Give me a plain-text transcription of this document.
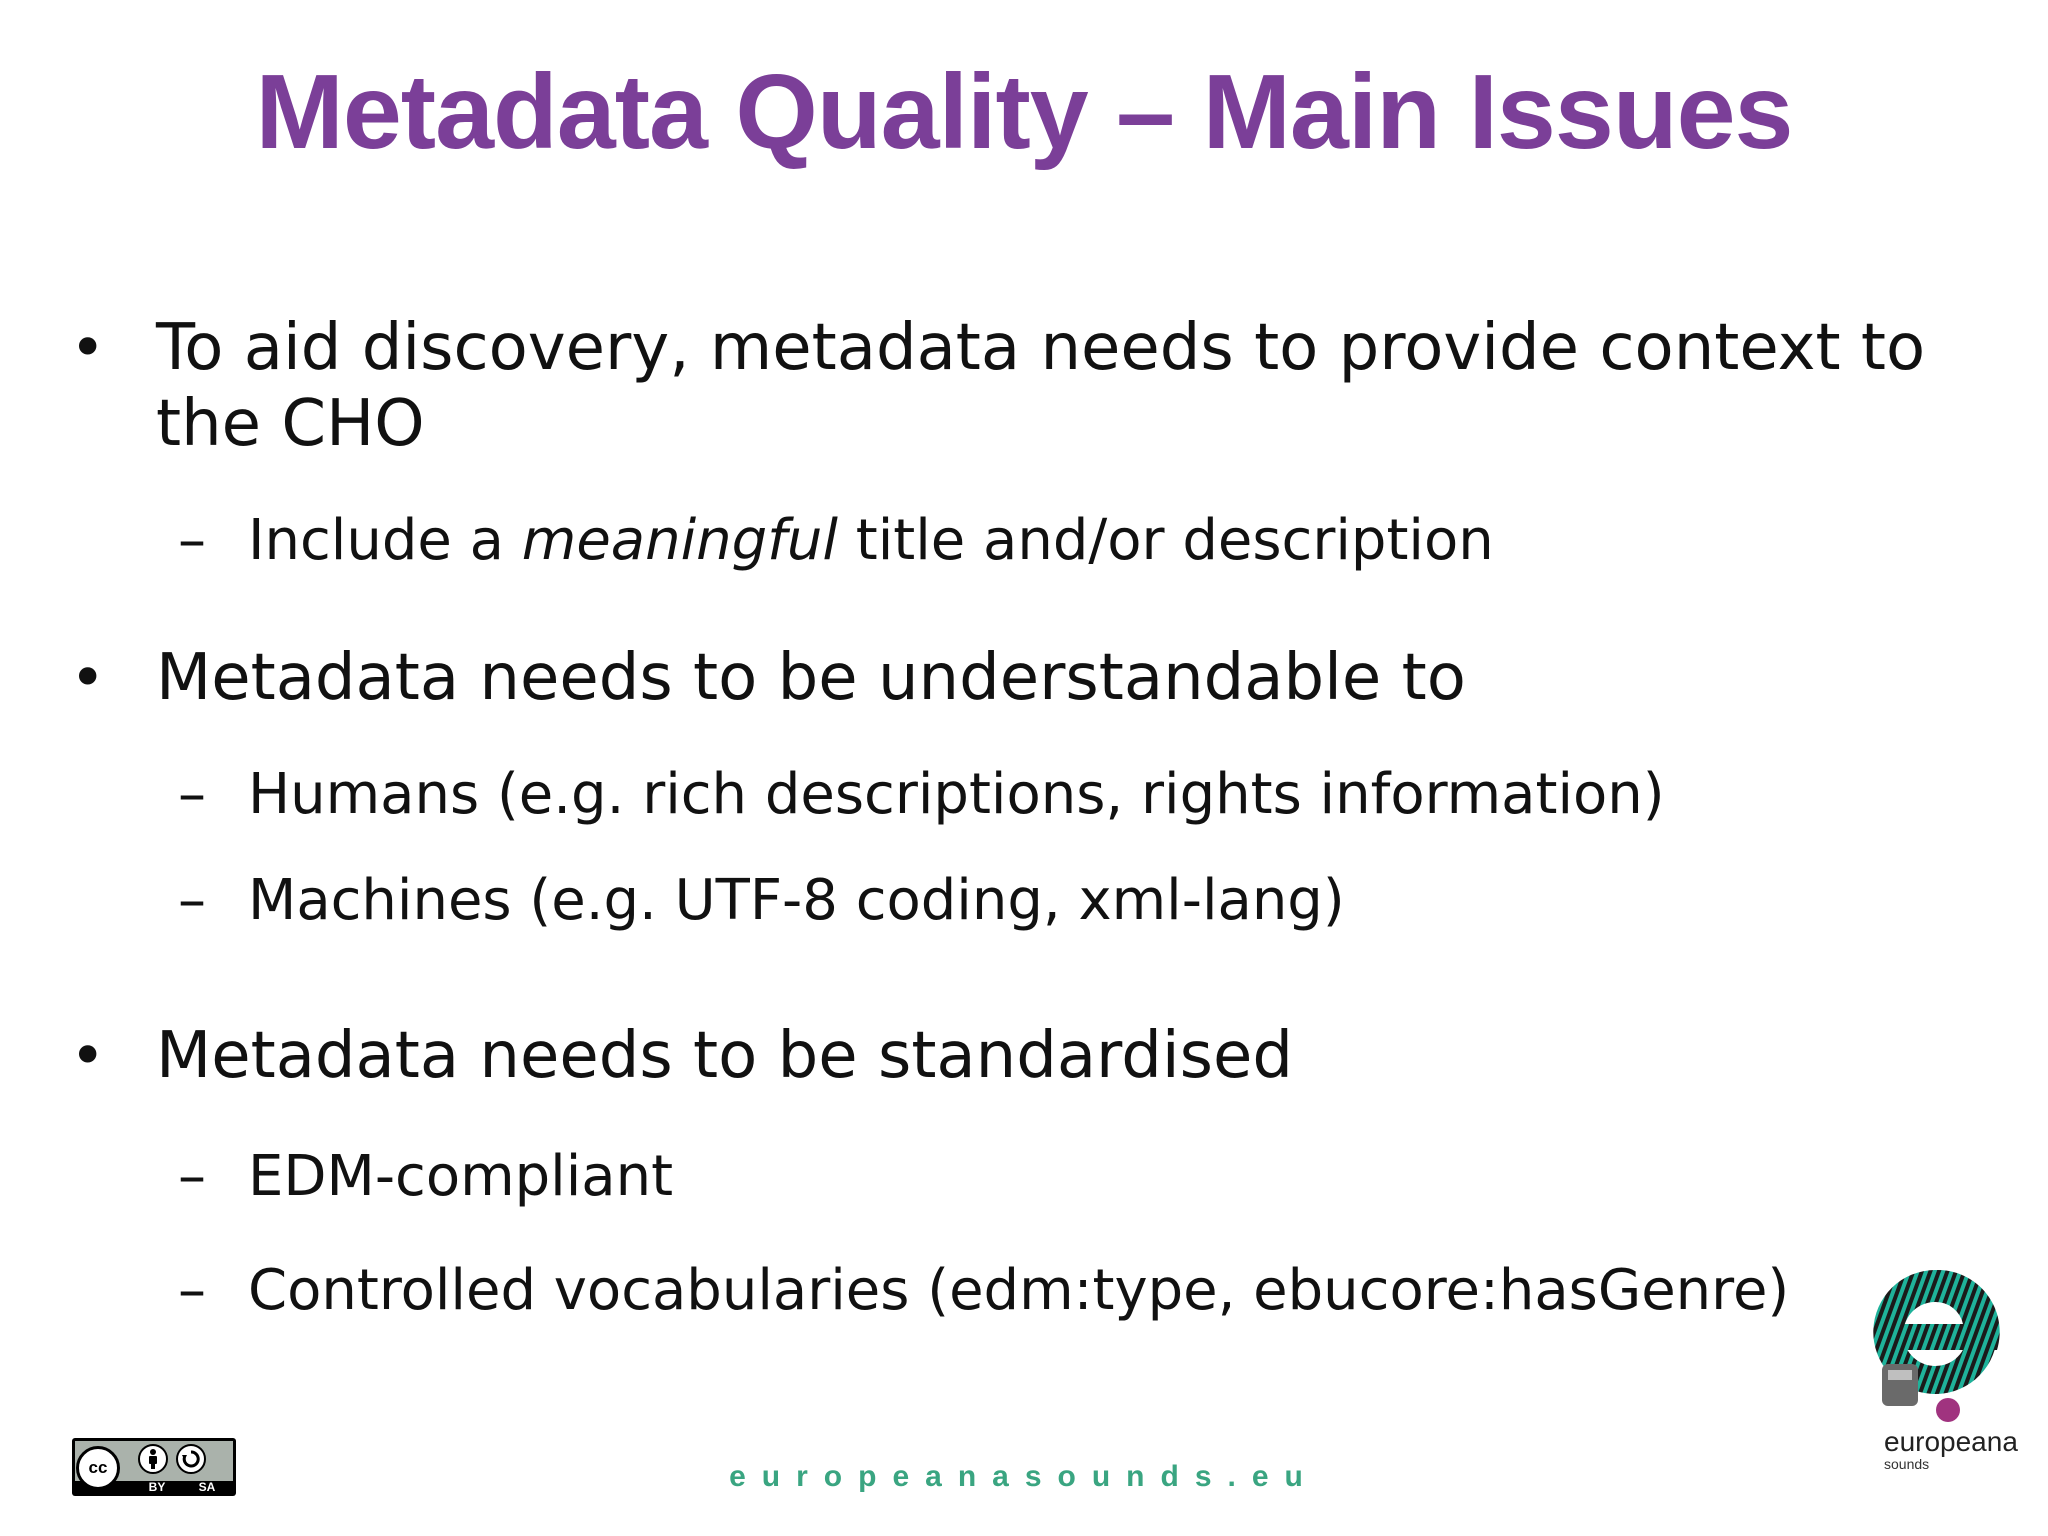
Metadata Quality – Main Issues
• To aid discovery, metadata needs to provide context to
the CHO
– Include a meaningful title and/or description
• Metadata needs to be understandable to
– Humans (e.g. rich descriptions, rights information)
– Machines (e.g. UTF-8 coding, xml-lang)
• Metadata needs to be standardised
– EDM-compliant
– Controlled vocabularies (edm:type, ebucore:hasGenre)
cc
BY	SA	europeanasounds.eu
europeana
sounds
